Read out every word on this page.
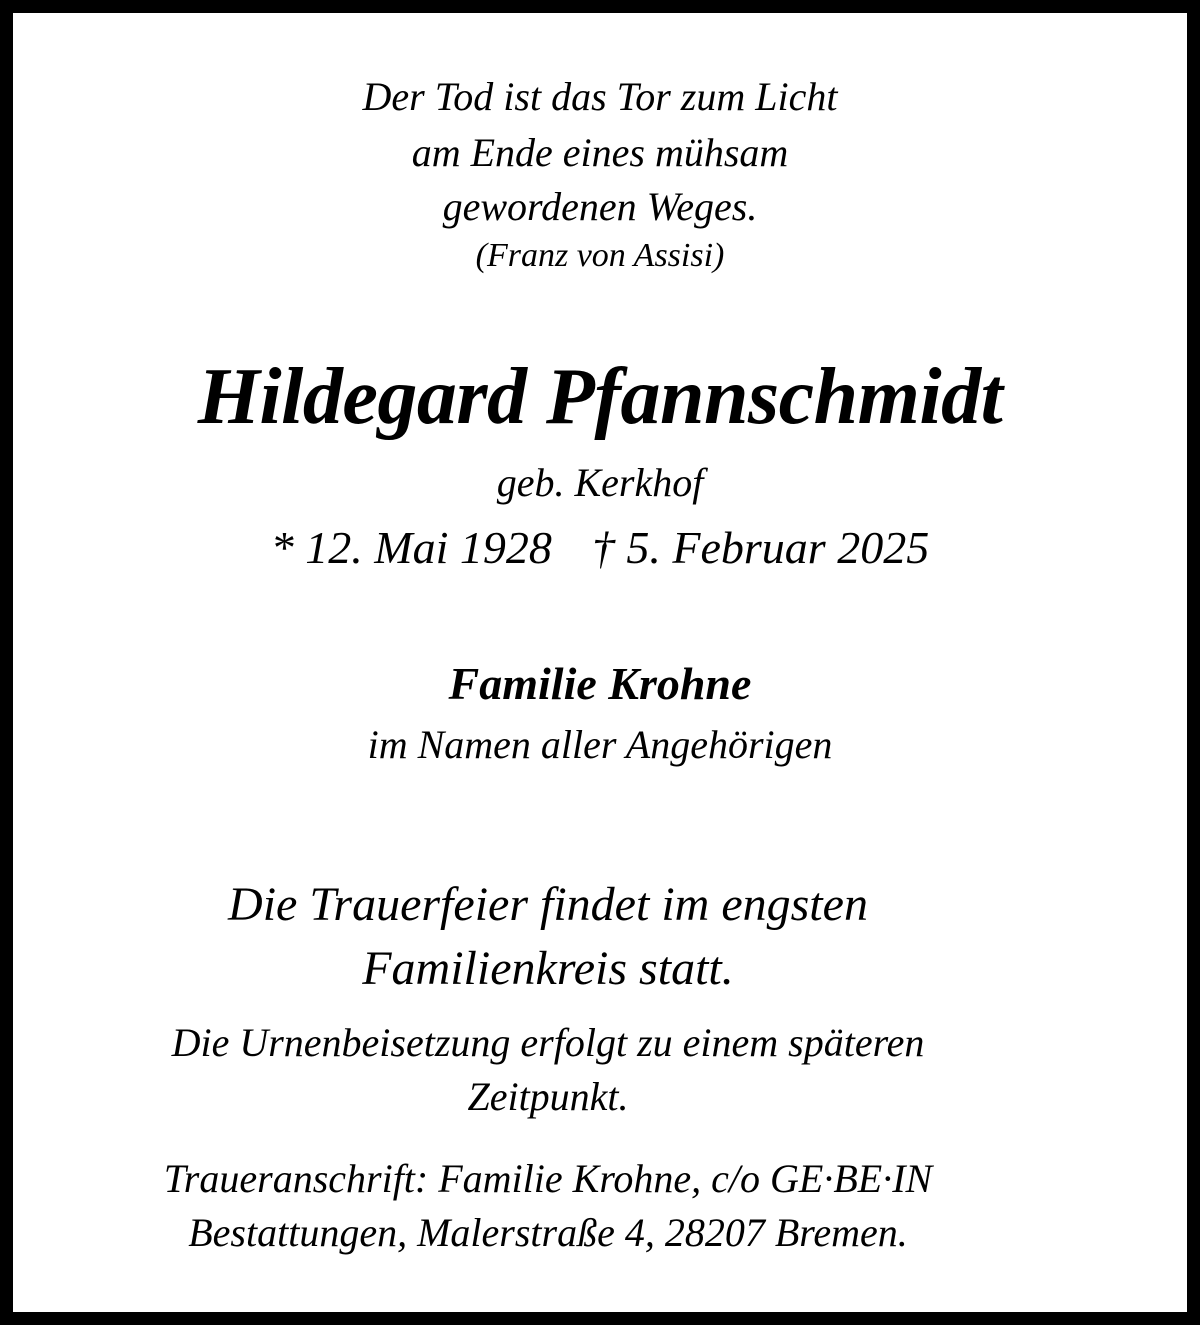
Der Tod ist das Tor zum Licht
am Ende eines mühsam
gewordenen Weges.
(Franz von Assisi)
Hildegard Pfannschmidt
geb. Kerkhof
* 12. Mai 1928 † 5. Februar 2025
Familie Krohne
im Namen aller Angehörigen
Die Trauerfeier findet im engsten
Familienkreis statt.
Die Urnenbeisetzung erfolgt zu einem späteren
Zeitpunkt.
Traueranschrift: Familie Krohne, c/o GE·BE·IN
Bestattungen, Malerstraße 4, 28207 Bremen.
